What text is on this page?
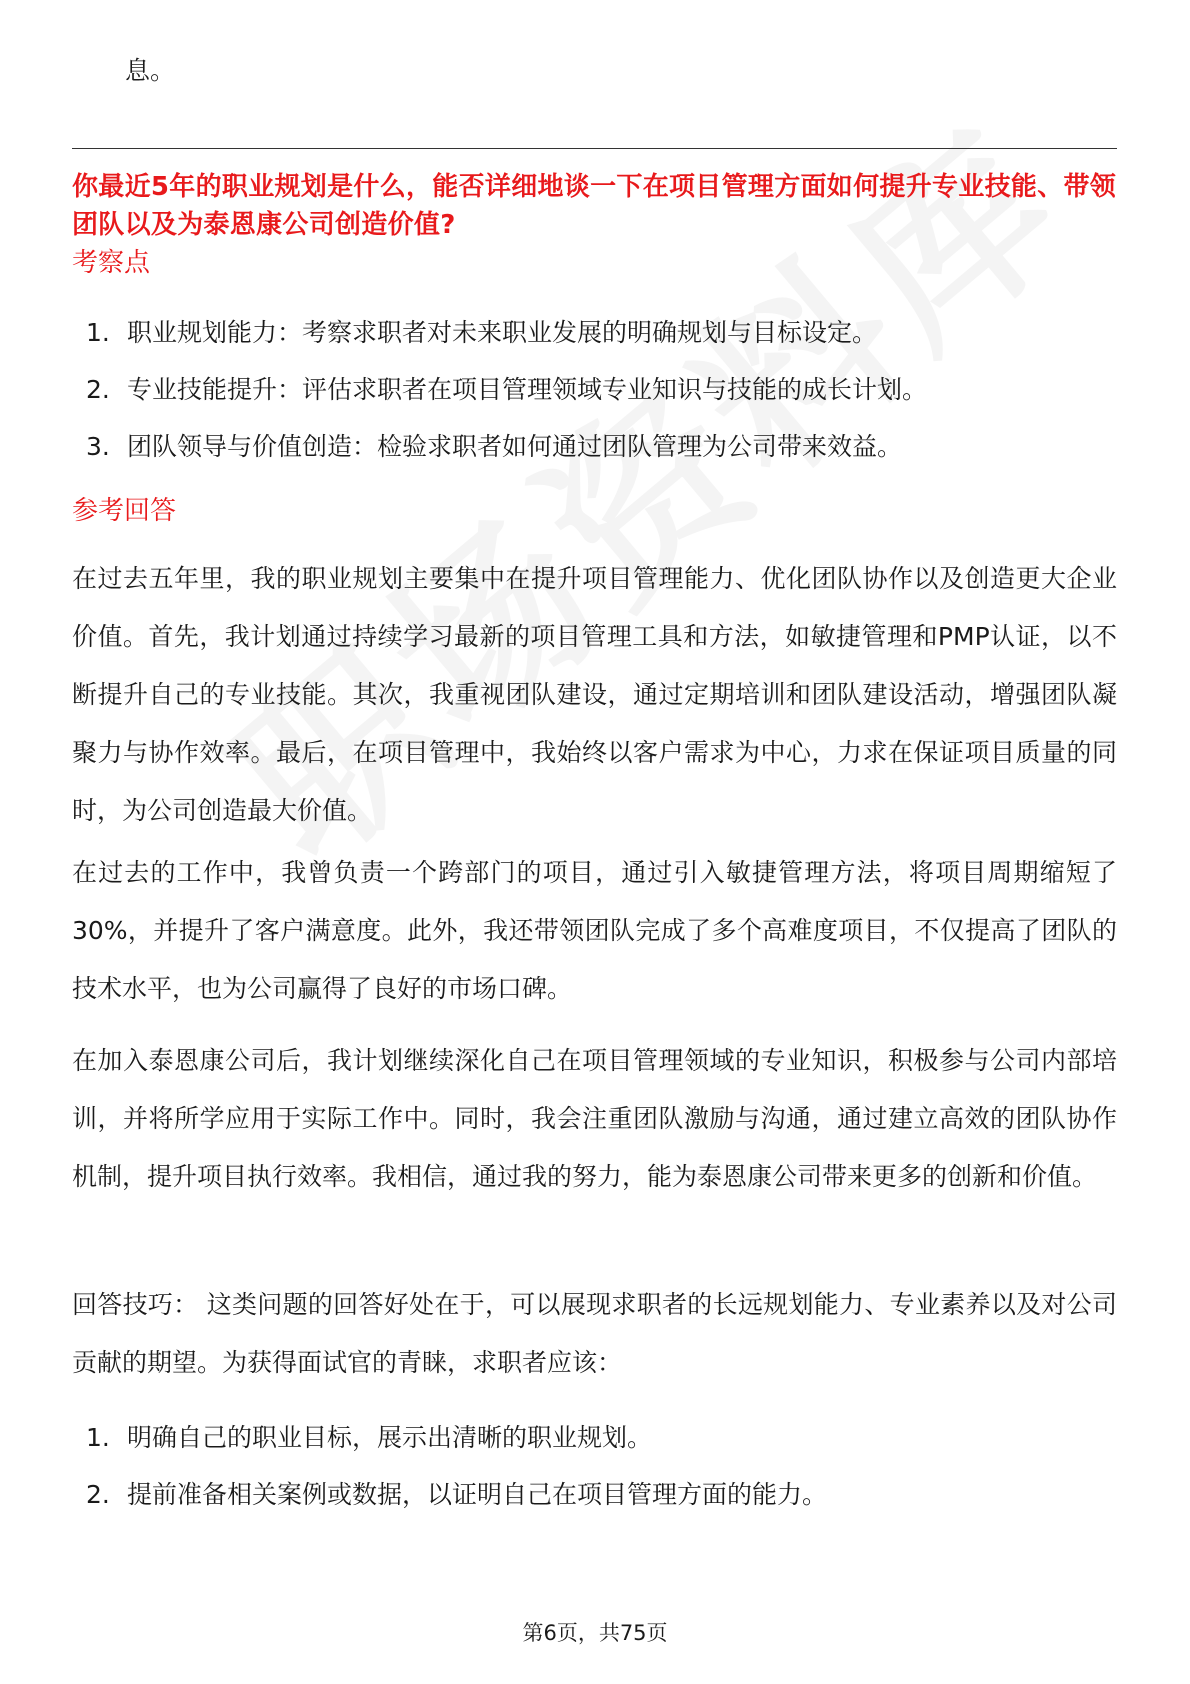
息。
你最近5年的职业规划是什么，能否详细地谈一下在项目管理方面如何提升专业技能、带领团队以及为泰恩康公司创造价值?
考察点
1. 职业规划能力：考察求职者对未来职业发展的明确规划与目标设定。
2. 专业技能提升：评估求职者在项目管理领域专业知识与技能的成长计划。
3. 团队领导与价值创造：检验求职者如何通过团队管理为公司带来效益。
参考回答

在过去五年里，我的职业规划主要集中在提升项目管理能力、优化团队协作以及创造更大企业价值。首先，我计划通过持续学习最新的项目管理工具和方法，如敏捷管理和PMP认证，以不断提升自己的专业技能。其次，我重视团队建设，通过定期培训和团队建设活动，增强团队凝聚力与协作效率。最后，在项目管理中，我始终以客户需求为中心，力求在保证项目质量的同时，为公司创造最大价值。

在过去的工作中，我曾负责一个跨部门的项目，通过引入敏捷管理方法，将项目周期缩短了30%，并提升了客户满意度。此外，我还带领团队完成了多个高难度项目，不仅提高了团队的技术水平，也为公司赢得了良好的市场口碑。

在加入泰恩康公司后，我计划继续深化自己在项目管理领域的专业知识，积极参与公司内部培训，并将所学应用于实际工作中。同时，我会注重团队激励与沟通，通过建立高效的团队协作机制，提升项目执行效率。我相信，通过我的努力，能为泰恩康公司带来更多的创新和价值。

回答技巧： 这类问题的回答好处在于，可以展现求职者的长远规划能力、专业素养以及对公司贡献的期望。为获得面试官的青睐，求职者应该：

1. 明确自己的职业目标，展示出清晰的职业规划。
2. 提前准备相关案例或数据，以证明自己在项目管理方面的能力。
第6页，共75页
